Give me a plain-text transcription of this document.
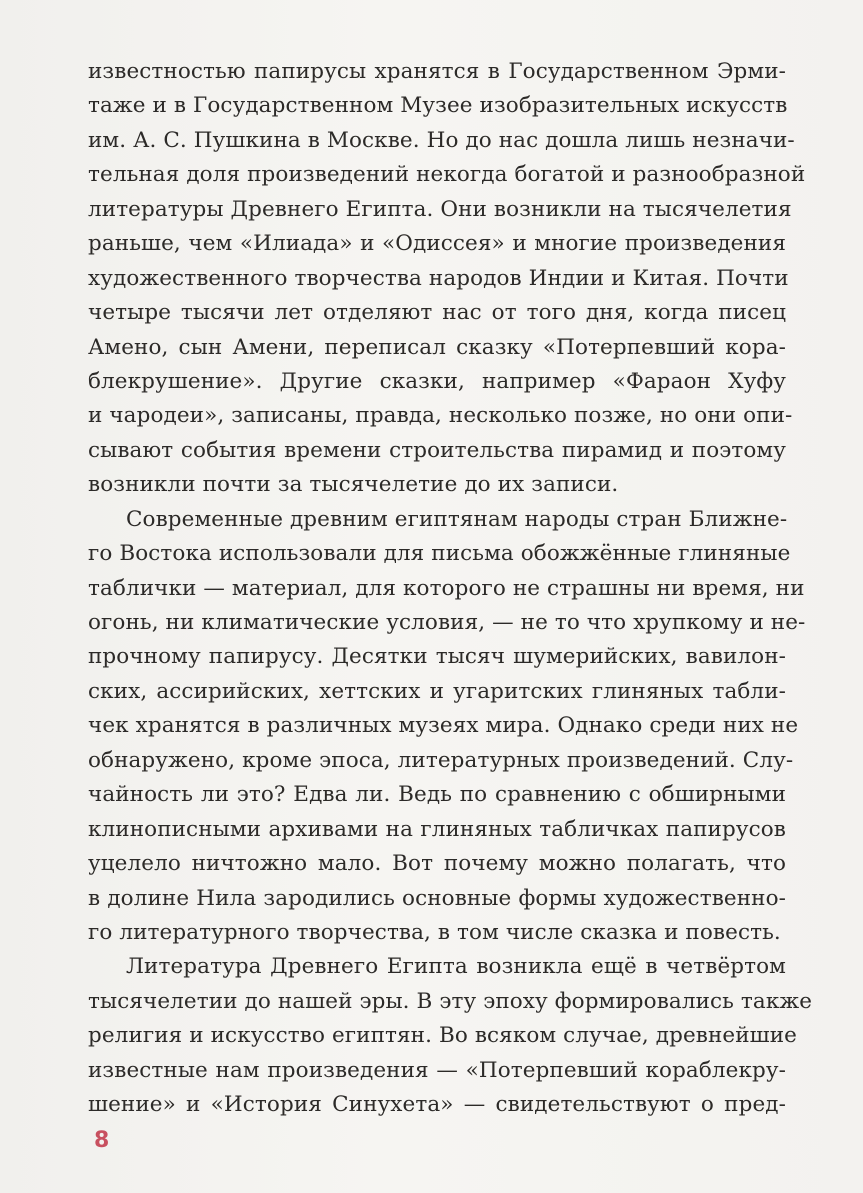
известностью папирусы хранятся в Государственном Эрми-
таже и в Государственном Музее изобразительных искусств
им. А. С. Пушкина в Москве. Но до нас дошла лишь незначи-
тельная доля произведений некогда богатой и разнообразной
литературы Древнего Египта. Они возникли на тысячелетия
раньше, чем «Илиада» и «Одиссея» и многие произведения
художественного творчества народов Индии и Китая. Почти
четыре тысячи лет отделяют нас от того дня, когда писец
Амено, сын Амени, переписал сказку «Потерпевший кора-
блекрушение». Другие сказки, например «Фараон Хуфу
и чародеи», записаны, правда, несколько позже, но они опи-
сывают события времени строительства пирамид и поэтому
возникли почти за тысячелетие до их записи.
Современные древним египтянам народы стран Ближне-
го Востока использовали для письма обожжённые глиняные
таблички — материал, для которого не страшны ни время, ни
огонь, ни климатические условия, — не то что хрупкому и не-
прочному папирусу. Десятки тысяч шумерийских, вавилон-
ских, ассирийских, хеттских и угаритских глиняных табли-
чек хранятся в различных музеях мира. Однако среди них не
обнаружено, кроме эпоса, литературных произведений. Слу-
чайность ли это? Едва ли. Ведь по сравнению с обширными
клинописными архивами на глиняных табличках папирусов
уцелело ничтожно мало. Вот почему можно полагать, что
в долине Нила зародились основные формы художественно-
го литературного творчества, в том числе сказка и повесть.
Литература Древнего Египта возникла ещё в четвёртом
тысячелетии до нашей эры. В эту эпоху формировались также
религия и искусство египтян. Во всяком случае, древнейшие
известные нам произведения — «Потерпевший кораблекру-
шение» и «История Синухета» — свидетельствуют о пред-
8
